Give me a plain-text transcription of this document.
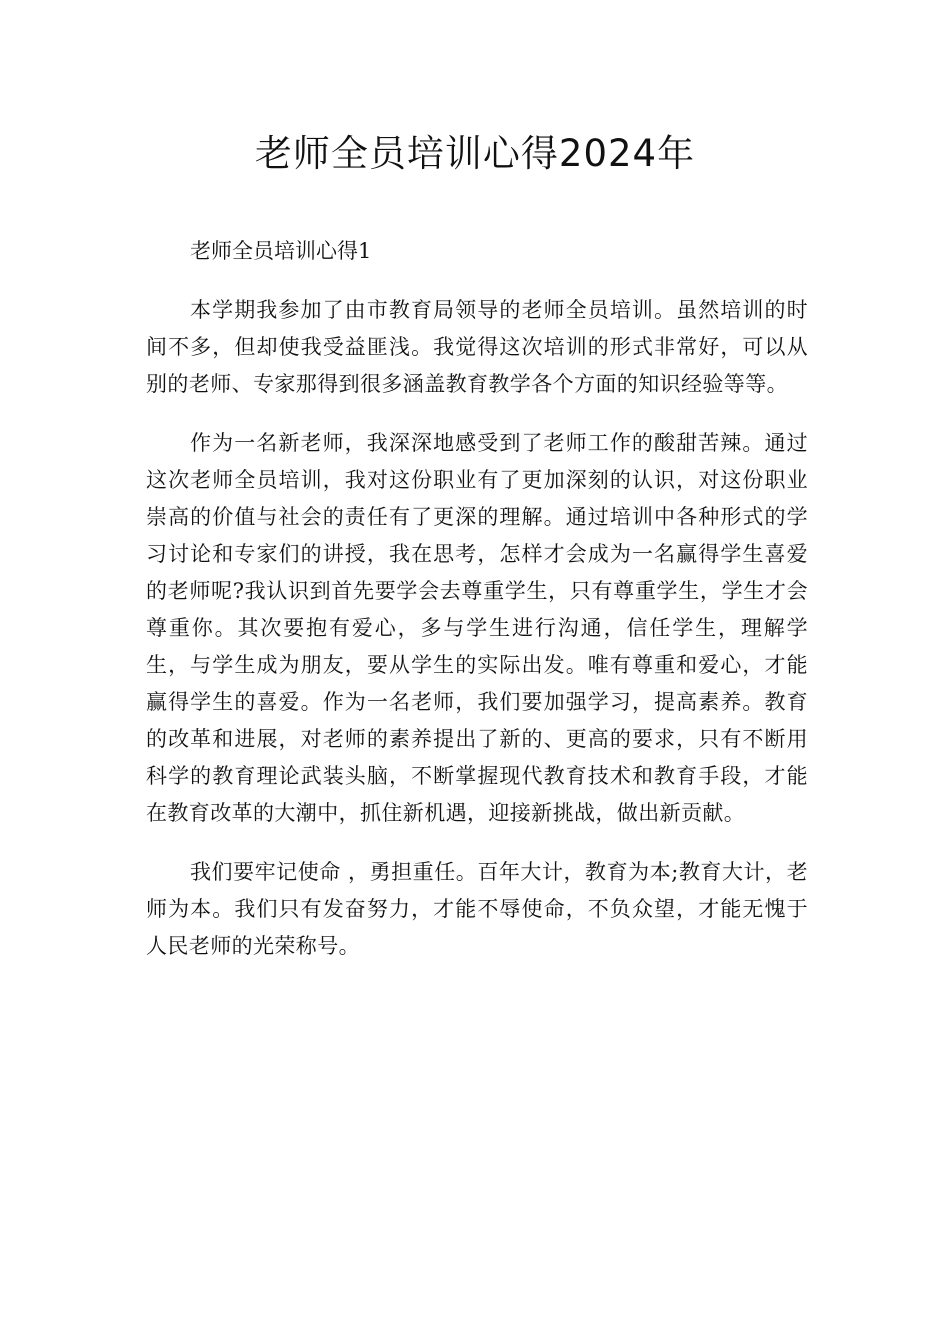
老师全员培训心得2024年

老师全员培训心得1

本学期我参加了由市教育局领导的老师全员培训。虽然培训的时间不多，但却使我受益匪浅。我觉得这次培训的形式非常好，可以从别的老师、专家那得到很多涵盖教育教学各个方面的知识经验等等。

作为一名新老师，我深深地感受到了老师工作的酸甜苦辣。通过这次老师全员培训，我对这份职业有了更加深刻的认识，对这份职业崇高的价值与社会的责任有了更深的理解。通过培训中各种形式的学习讨论和专家们的讲授，我在思考，怎样才会成为一名赢得学生喜爱的老师呢?我认识到首先要学会去尊重学生，只有尊重学生，学生才会尊重你。其次要抱有爱心，多与学生进行沟通，信任学生，理解学生，与学生成为朋友，要从学生的实际出发。唯有尊重和爱心，才能赢得学生的喜爱。作为一名老师，我们要加强学习，提高素养。教育的改革和进展，对老师的素养提出了新的、更高的要求，只有不断用科学的教育理论武装头脑，不断掌握现代教育技术和教育手段，才能在教育改革的大潮中，抓住新机遇，迎接新挑战，做出新贡献。

我们要牢记使命 ，勇担重任。百年大计，教育为本;教育大计，老师为本。我们只有发奋努力，才能不辱使命，不负众望，才能无愧于人民老师的光荣称号。
